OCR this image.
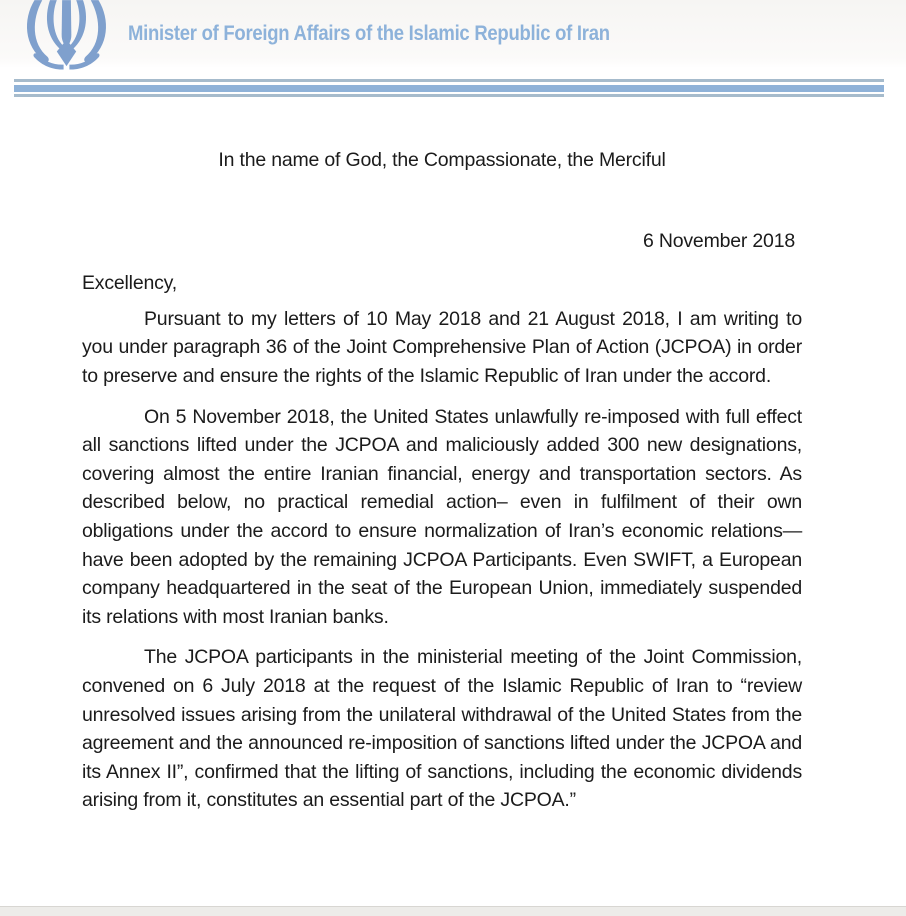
Minister of Foreign Affairs of the Islamic Republic of Iran
In the name of God, the Compassionate, the Merciful
6 November 2018
Excellency,

Pursuant to my letters of 10 May 2018 and 21 August 2018, I am writing to you under paragraph 36 of the Joint Comprehensive Plan of Action (JCPOA) in order to preserve and ensure the rights of the Islamic Republic of Iran under the accord.

On 5 November 2018, the United States unlawfully re-imposed with full effect all sanctions lifted under the JCPOA and maliciously added 300 new designations, covering almost the entire Iranian financial, energy and transportation sectors. As described below, no practical remedial action– even in fulfilment of their own obligations under the accord to ensure normalization of Iran’s economic relations—have been adopted by the remaining JCPOA Participants. Even SWIFT, a European company headquartered in the seat of the European Union, immediately suspended its relations with most Iranian banks.

The JCPOA participants in the ministerial meeting of the Joint Commission, convened on 6 July 2018 at the request of the Islamic Republic of Iran to “review unresolved issues arising from the unilateral withdrawal of the United States from the agreement and the announced re-imposition of sanctions lifted under the JCPOA and its Annex II”, confirmed that the lifting of sanctions, including the economic dividends arising from it, constitutes an essential part of the JCPOA.”
